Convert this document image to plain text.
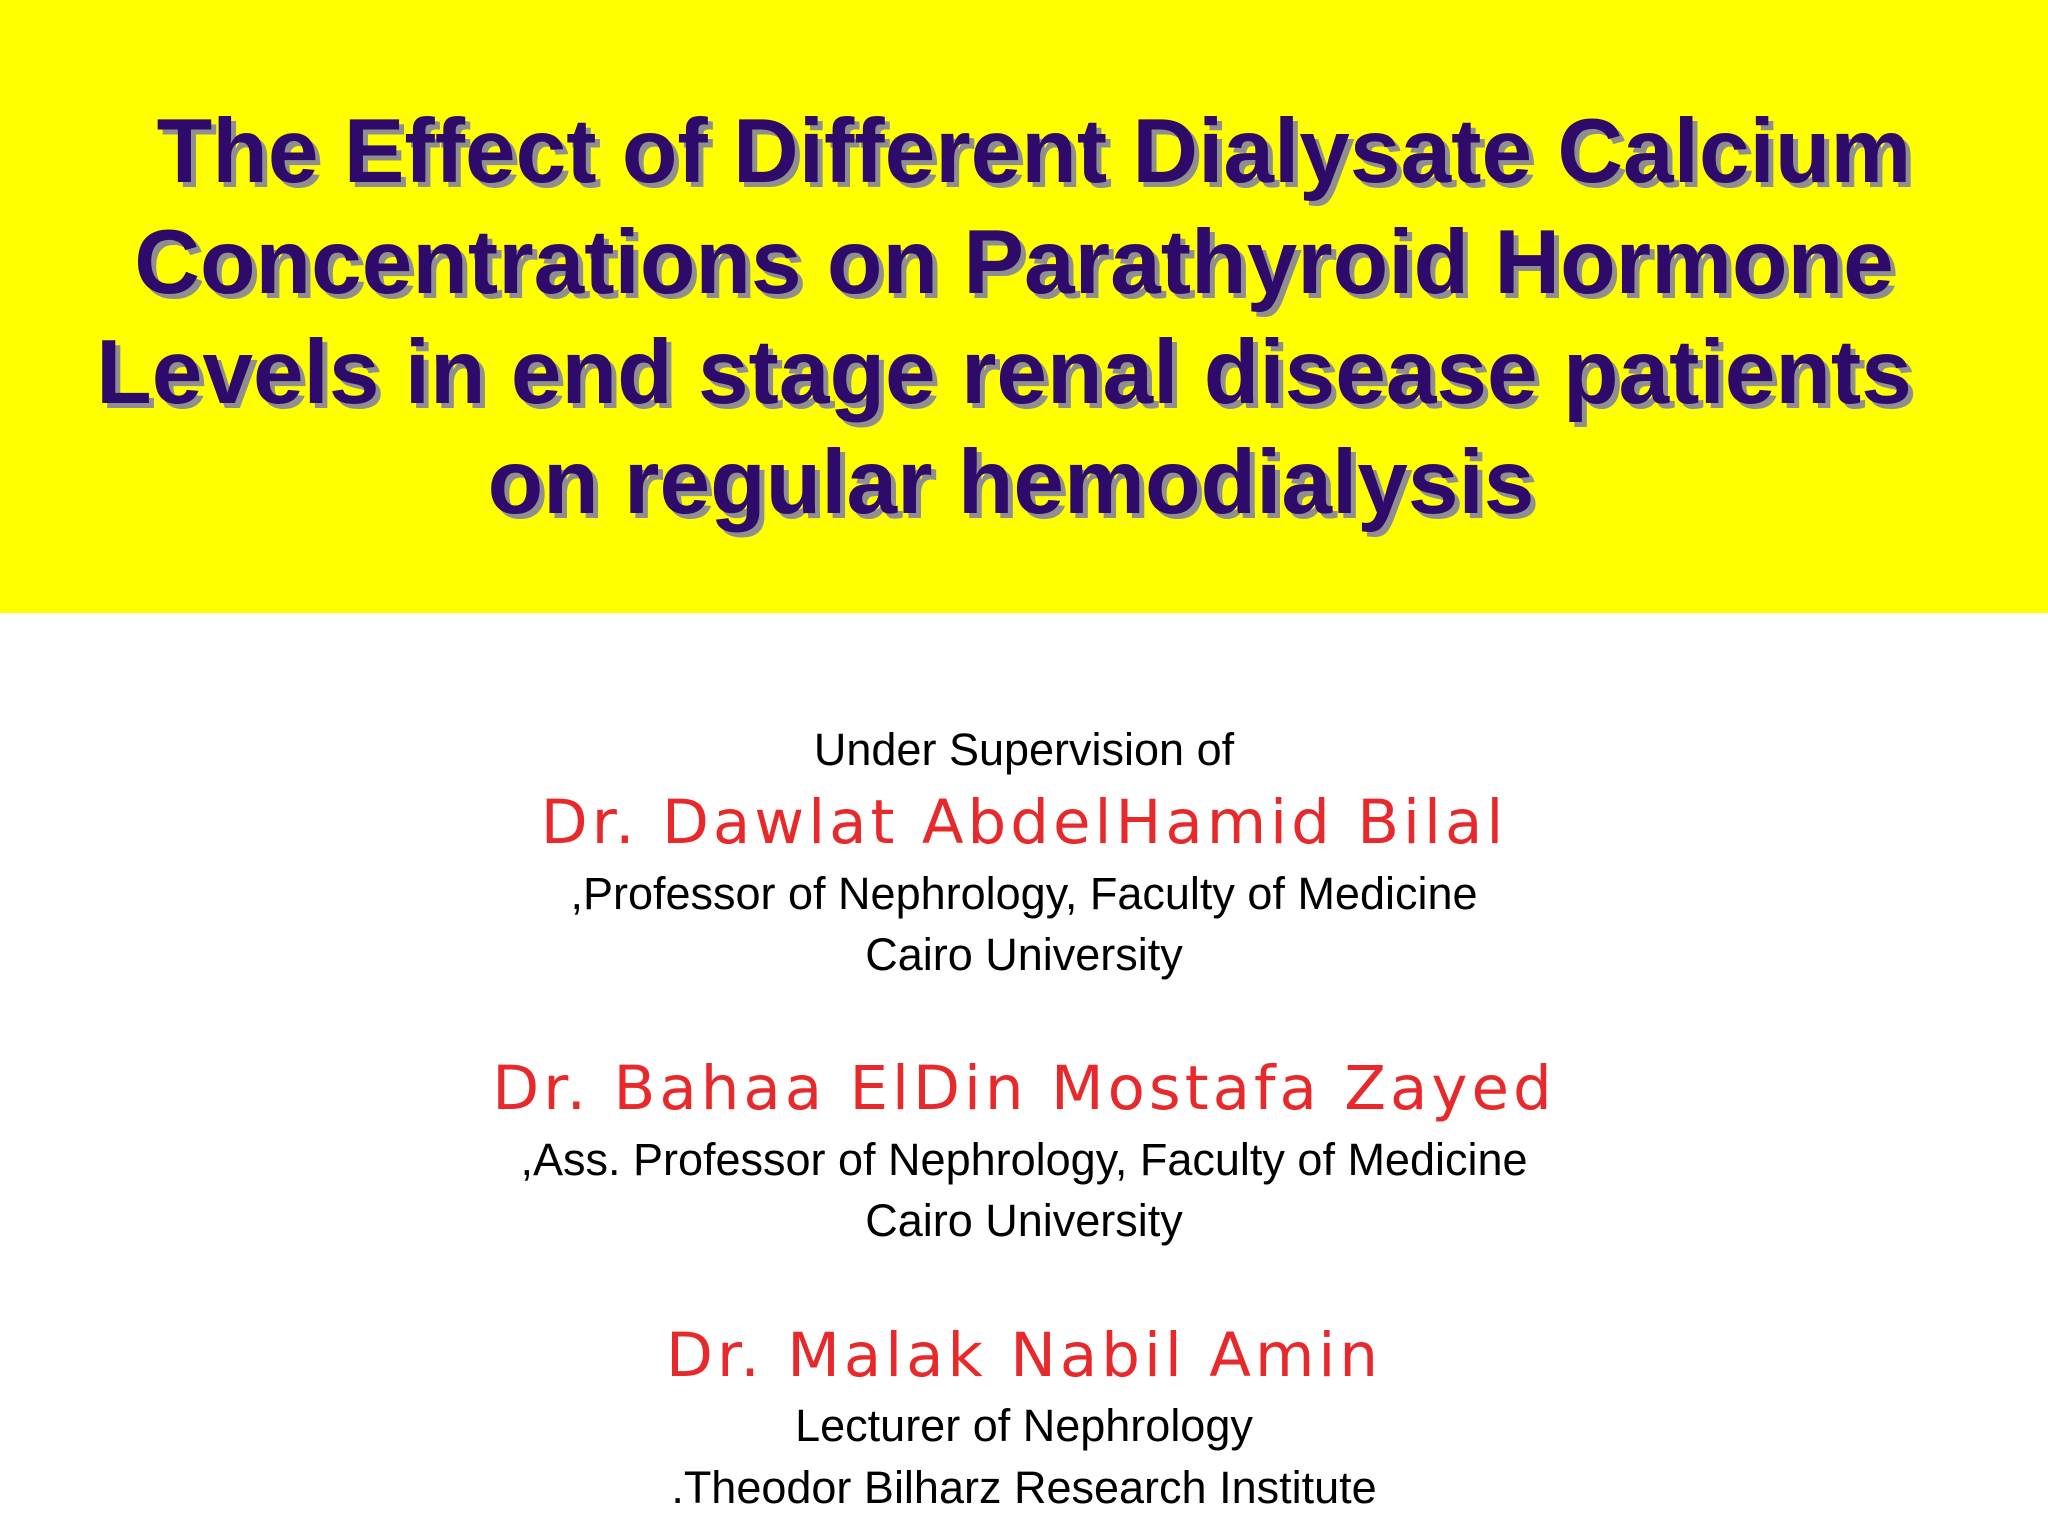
The Effect of Different Dialysate Calcium
Concentrations on Parathyroid Hormone
Levels in end stage renal disease patients
on regular hemodialysis
Under Supervision of
Dr. Dawlat AbdelHamid Bilal
,Professor of Nephrology, Faculty of Medicine
Cairo University
Dr. Bahaa ElDin Mostafa Zayed
,Ass. Professor of Nephrology, Faculty of Medicine
Cairo University
Dr. Malak Nabil Amin
Lecturer of Nephrology
.Theodor Bilharz Research Institute
